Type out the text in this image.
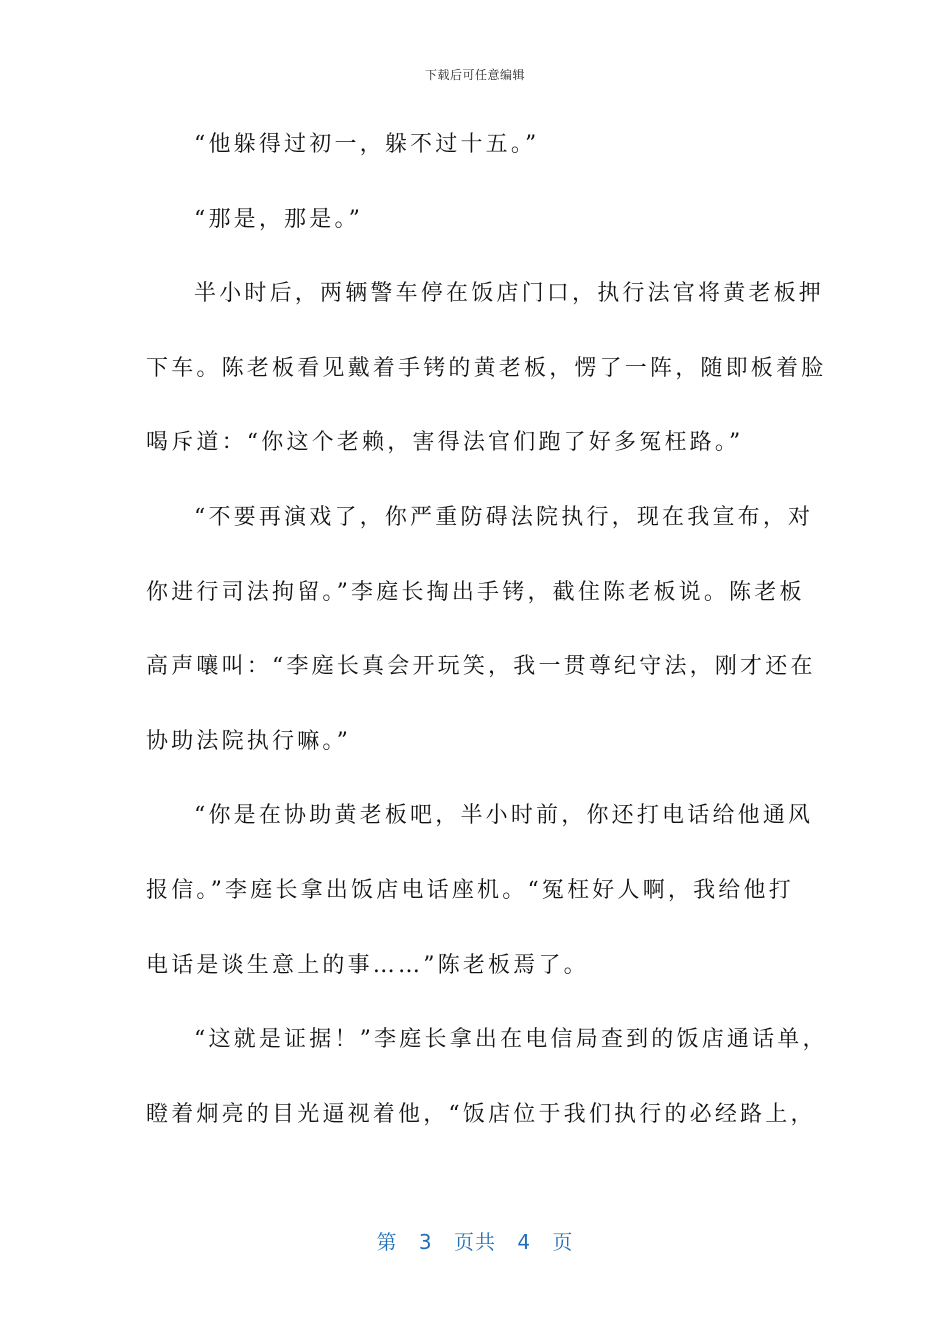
下载后可任意编辑
“他躲得过初一，躲不过十五。”
“那是，那是。”
半小时后，两辆警车停在饭店门口，执行法官将黄老板押
下车。陈老板看见戴着手铐的黄老板，愣了一阵，随即板着脸
喝斥道：“你这个老赖，害得法官们跑了好多冤枉路。”
“不要再演戏了，你严重防碍法院执行，现在我宣布，对
你进行司法拘留。”李庭长掏出手铐，截住陈老板说。陈老板
高声嚷叫：“李庭长真会开玩笑，我一贯尊纪守法，刚才还在
协助法院执行嘛。”
“你是在协助黄老板吧，半小时前，你还打电话给他通风
报信。”李庭长拿出饭店电话座机。“冤枉好人啊，我给他打
电话是谈生意上的事……”陈老板焉了。
“这就是证据！”李庭长拿出在电信局查到的饭店通话单，
瞪着炯亮的目光逼视着他，“饭店位于我们执行的必经路上，
第 3 页共 4 页
